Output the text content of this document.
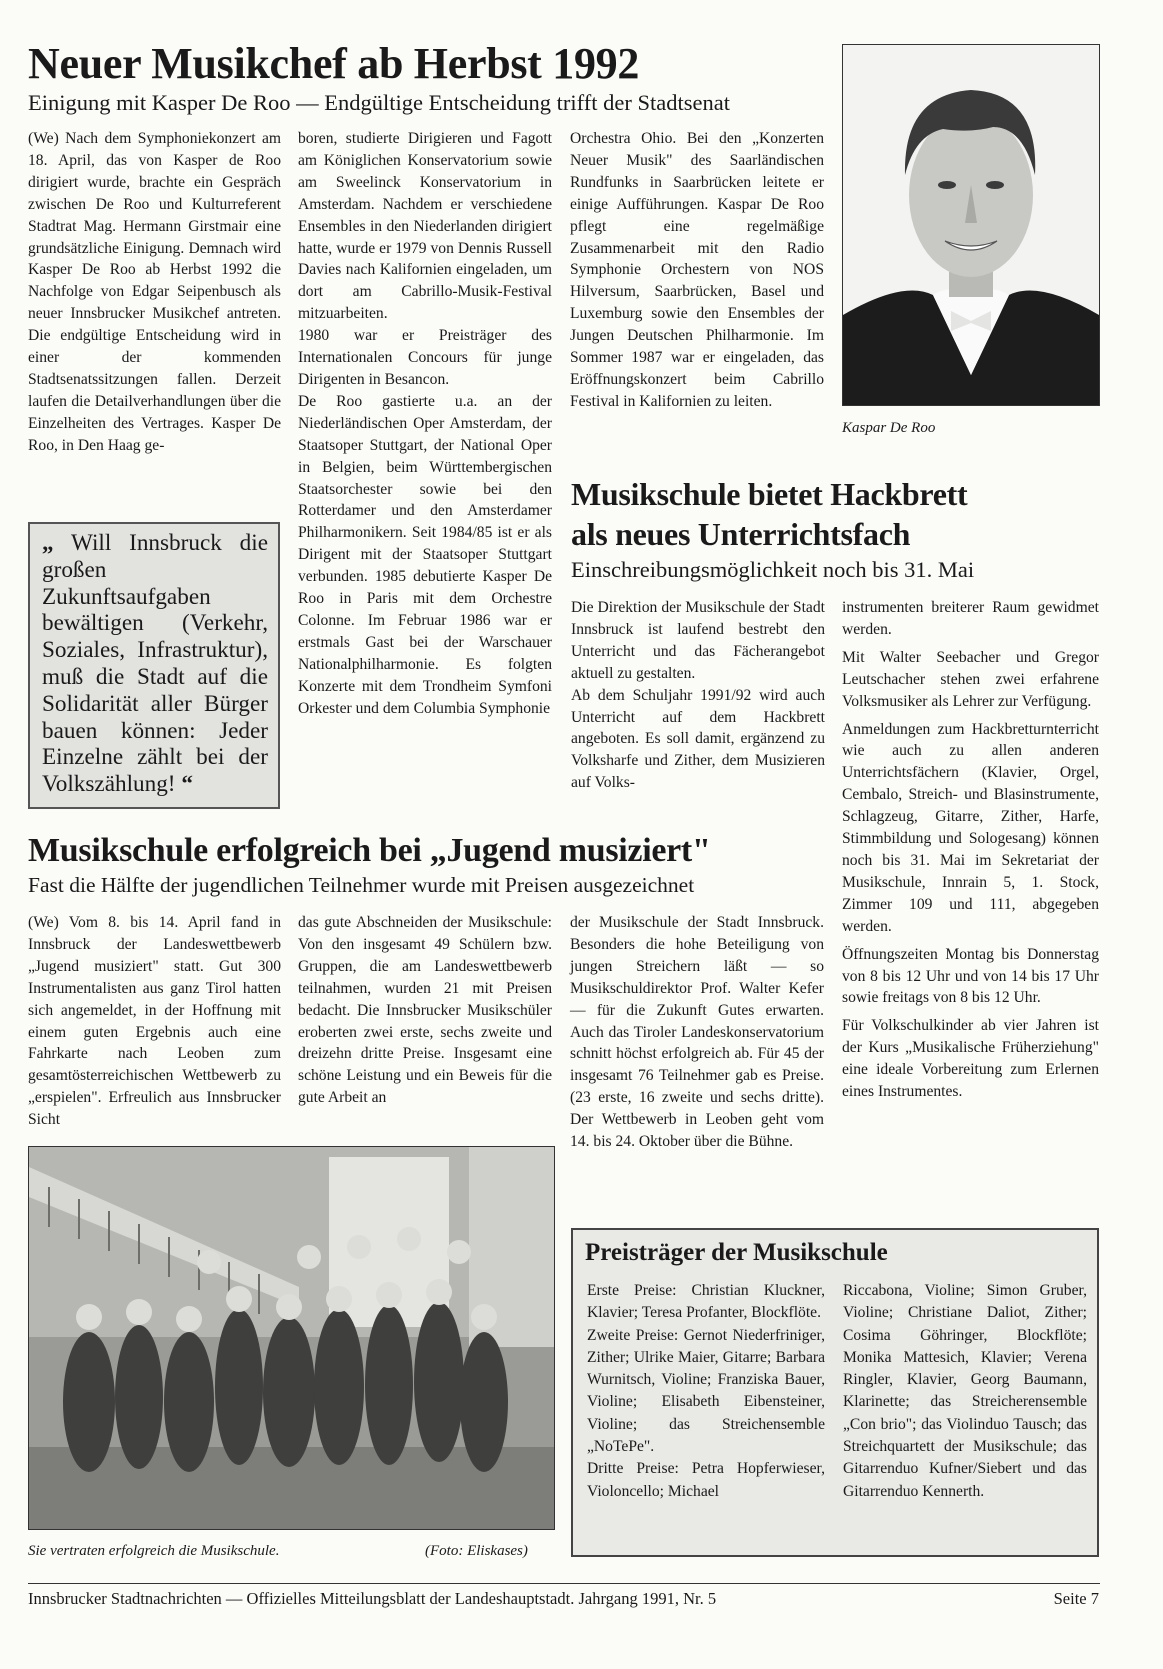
Neuer Musikchef ab Herbst 1992
Einigung mit Kasper De Roo — Endgültige Entscheidung trifft der Stadtsenat

(We) Nach dem Symphoniekonzert am 18. April, das von Kasper de Roo dirigiert wurde, brachte ein Gespräch zwischen De Roo und Kulturreferent Stadtrat Mag. Hermann Girstmair eine grundsätzliche Einigung. Demnach wird Kasper De Roo ab Herbst 1992 die Nachfolge von Edgar Seipenbusch als neuer Innsbrucker Musikchef antreten. Die endgültige Entscheidung wird in einer der kommenden Stadtsenatssitzungen fallen. Derzeit laufen die Detailverhandlungen über die Einzelheiten des Vertrages. Kasper De Roo, in Den Haag ge-

boren, studierte Dirigieren und Fagott am Königlichen Konservatorium sowie am Sweelinck Konservatorium in Amsterdam. Nachdem er verschiedene Ensembles in den Niederlanden dirigiert hatte, wurde er 1979 von Dennis Russell Davies nach Kalifornien eingeladen, um dort am Cabrillo-Musik-Festival mitzuarbeiten.

1980 war er Preisträger des Internationalen Concours für junge Dirigenten in Besancon.

De Roo gastierte u.a. an der Niederländischen Oper Amsterdam, der Staatsoper Stuttgart, der National Oper in Belgien, beim Württembergischen Staatsorchester sowie bei den Rotterdamer und den Amsterdamer Philharmonikern. Seit 1984/85 ist er als Dirigent mit der Staatsoper Stuttgart verbunden. 1985 debutierte Kasper De Roo in Paris mit dem Orchestre Colonne. Im Februar 1986 war er erstmals Gast bei der Warschauer Nationalphilharmonie. Es folgten Konzerte mit dem Trondheim Symfoni Orkester und dem Columbia Symphonie

Orchestra Ohio. Bei den „Konzerten Neuer Musik" des Saarländischen Rundfunks in Saarbrücken leitete er einige Aufführungen. Kaspar De Roo pflegt eine regelmäßige Zusammenarbeit mit den Radio Symphonie Orchestern von NOS Hilversum, Saarbrücken, Basel und Luxemburg sowie den Ensembles der Jungen Deutschen Philharmonie. Im Sommer 1987 war er eingeladen, das Eröffnungskonzert beim Cabrillo Festival in Kalifornien zu leiten.

Kaspar De Roo
„ Will Innsbruck die großen Zukunftsaufgaben bewältigen (Verkehr, Soziales, Infrastruktur), muß die Stadt auf die Solidarität aller Bürger bauen können: Jeder Einzelne zählt bei der Volkszählung! “
Musikschule bietet Hackbrett
als neues Unterrichtsfach
Einschreibungsmöglichkeit noch bis 31. Mai

Die Direktion der Musikschule der Stadt Innsbruck ist laufend bestrebt den Unterricht und das Fächerangebot aktuell zu gestalten.

Ab dem Schuljahr 1991/92 wird auch Unterricht auf dem Hackbrett angeboten. Es soll damit, ergänzend zu Volksharfe und Zither, dem Musizieren auf Volks-

instrumenten breiterer Raum gewidmet werden.

Mit Walter Seebacher und Gregor Leutschacher stehen zwei erfahrene Volksmusiker als Lehrer zur Verfügung.

Anmeldungen zum Hackbretturnterricht wie auch zu allen anderen Unterrichtsfächern (Klavier, Orgel, Cembalo, Streich- und Blasinstrumente, Schlagzeug, Gitarre, Zither, Harfe, Stimmbildung und Sologesang) können noch bis 31. Mai im Sekretariat der Musikschule, Innrain 5, 1. Stock, Zimmer 109 und 111, abgegeben werden.

Öffnungszeiten Montag bis Donnerstag von 8 bis 12 Uhr und von 14 bis 17 Uhr sowie freitags von 8 bis 12 Uhr.

Für Volkschulkinder ab vier Jahren ist der Kurs „Musikalische Früherziehung" eine ideale Vorbereitung zum Erlernen eines Instrumentes.

Musikschule erfolgreich bei „Jugend musiziert"
Fast die Hälfte der jugendlichen Teilnehmer wurde mit Preisen ausgezeichnet

(We) Vom 8. bis 14. April fand in Innsbruck der Landeswettbewerb „Jugend musiziert" statt. Gut 300 Instrumentalisten aus ganz Tirol hatten sich angemeldet, in der Hoffnung mit einem guten Ergebnis auch eine Fahrkarte nach Leoben zum gesamtösterreichischen Wettbewerb zu „erspielen". Erfreulich aus Innsbrucker Sicht

das gute Abschneiden der Musikschule: Von den insgesamt 49 Schülern bzw. Gruppen, die am Landeswettbewerb teilnahmen, wurden 21 mit Preisen bedacht. Die Innsbrucker Musikschüler eroberten zwei erste, sechs zweite und dreizehn dritte Preise. Insgesamt eine schöne Leistung und ein Beweis für die gute Arbeit an

der Musikschule der Stadt Innsbruck. Besonders die hohe Beteiligung von jungen Streichern läßt — so Musikschuldirektor Prof. Walter Kefer — für die Zukunft Gutes erwarten. Auch das Tiroler Landeskonservatorium schnitt höchst erfolgreich ab. Für 45 der insgesamt 76 Teilnehmer gab es Preise. (23 erste, 16 zweite und sechs dritte). Der Wettbewerb in Leoben geht vom 14. bis 24. Oktober über die Bühne.

Sie vertraten erfolgreich die Musikschule.	(Foto: Eliskases)
Preisträger der Musikschule
Erste Preise: Christian Kluckner, Klavier; Teresa Profanter, Blockflöte.
Zweite Preise: Gernot Niederfriniger, Zither; Ulrike Maier, Gitarre; Barbara Wurnitsch, Violine; Franziska Bauer, Violine; Elisabeth Eibensteiner, Violine; das Streichensemble „NoTePe".
Dritte Preise: Petra Hopferwieser, Violoncello; Michael
Riccabona, Violine; Simon Gruber, Violine; Christiane Daliot, Zither; Cosima Göhringer, Blockflöte; Monika Mattesich, Klavier; Verena Ringler, Klavier, Georg Baumann, Klarinette; das Streicherensemble „Con brio"; das Violinduo Tausch; das Streichquartett der Musikschule; das Gitarrenduo Kufner/Siebert und das Gitarrenduo Kennerth.
Innsbrucker Stadtnachrichten — Offizielles Mitteilungsblatt der Landeshauptstadt. Jahrgang 1991, Nr. 5	Seite 7
